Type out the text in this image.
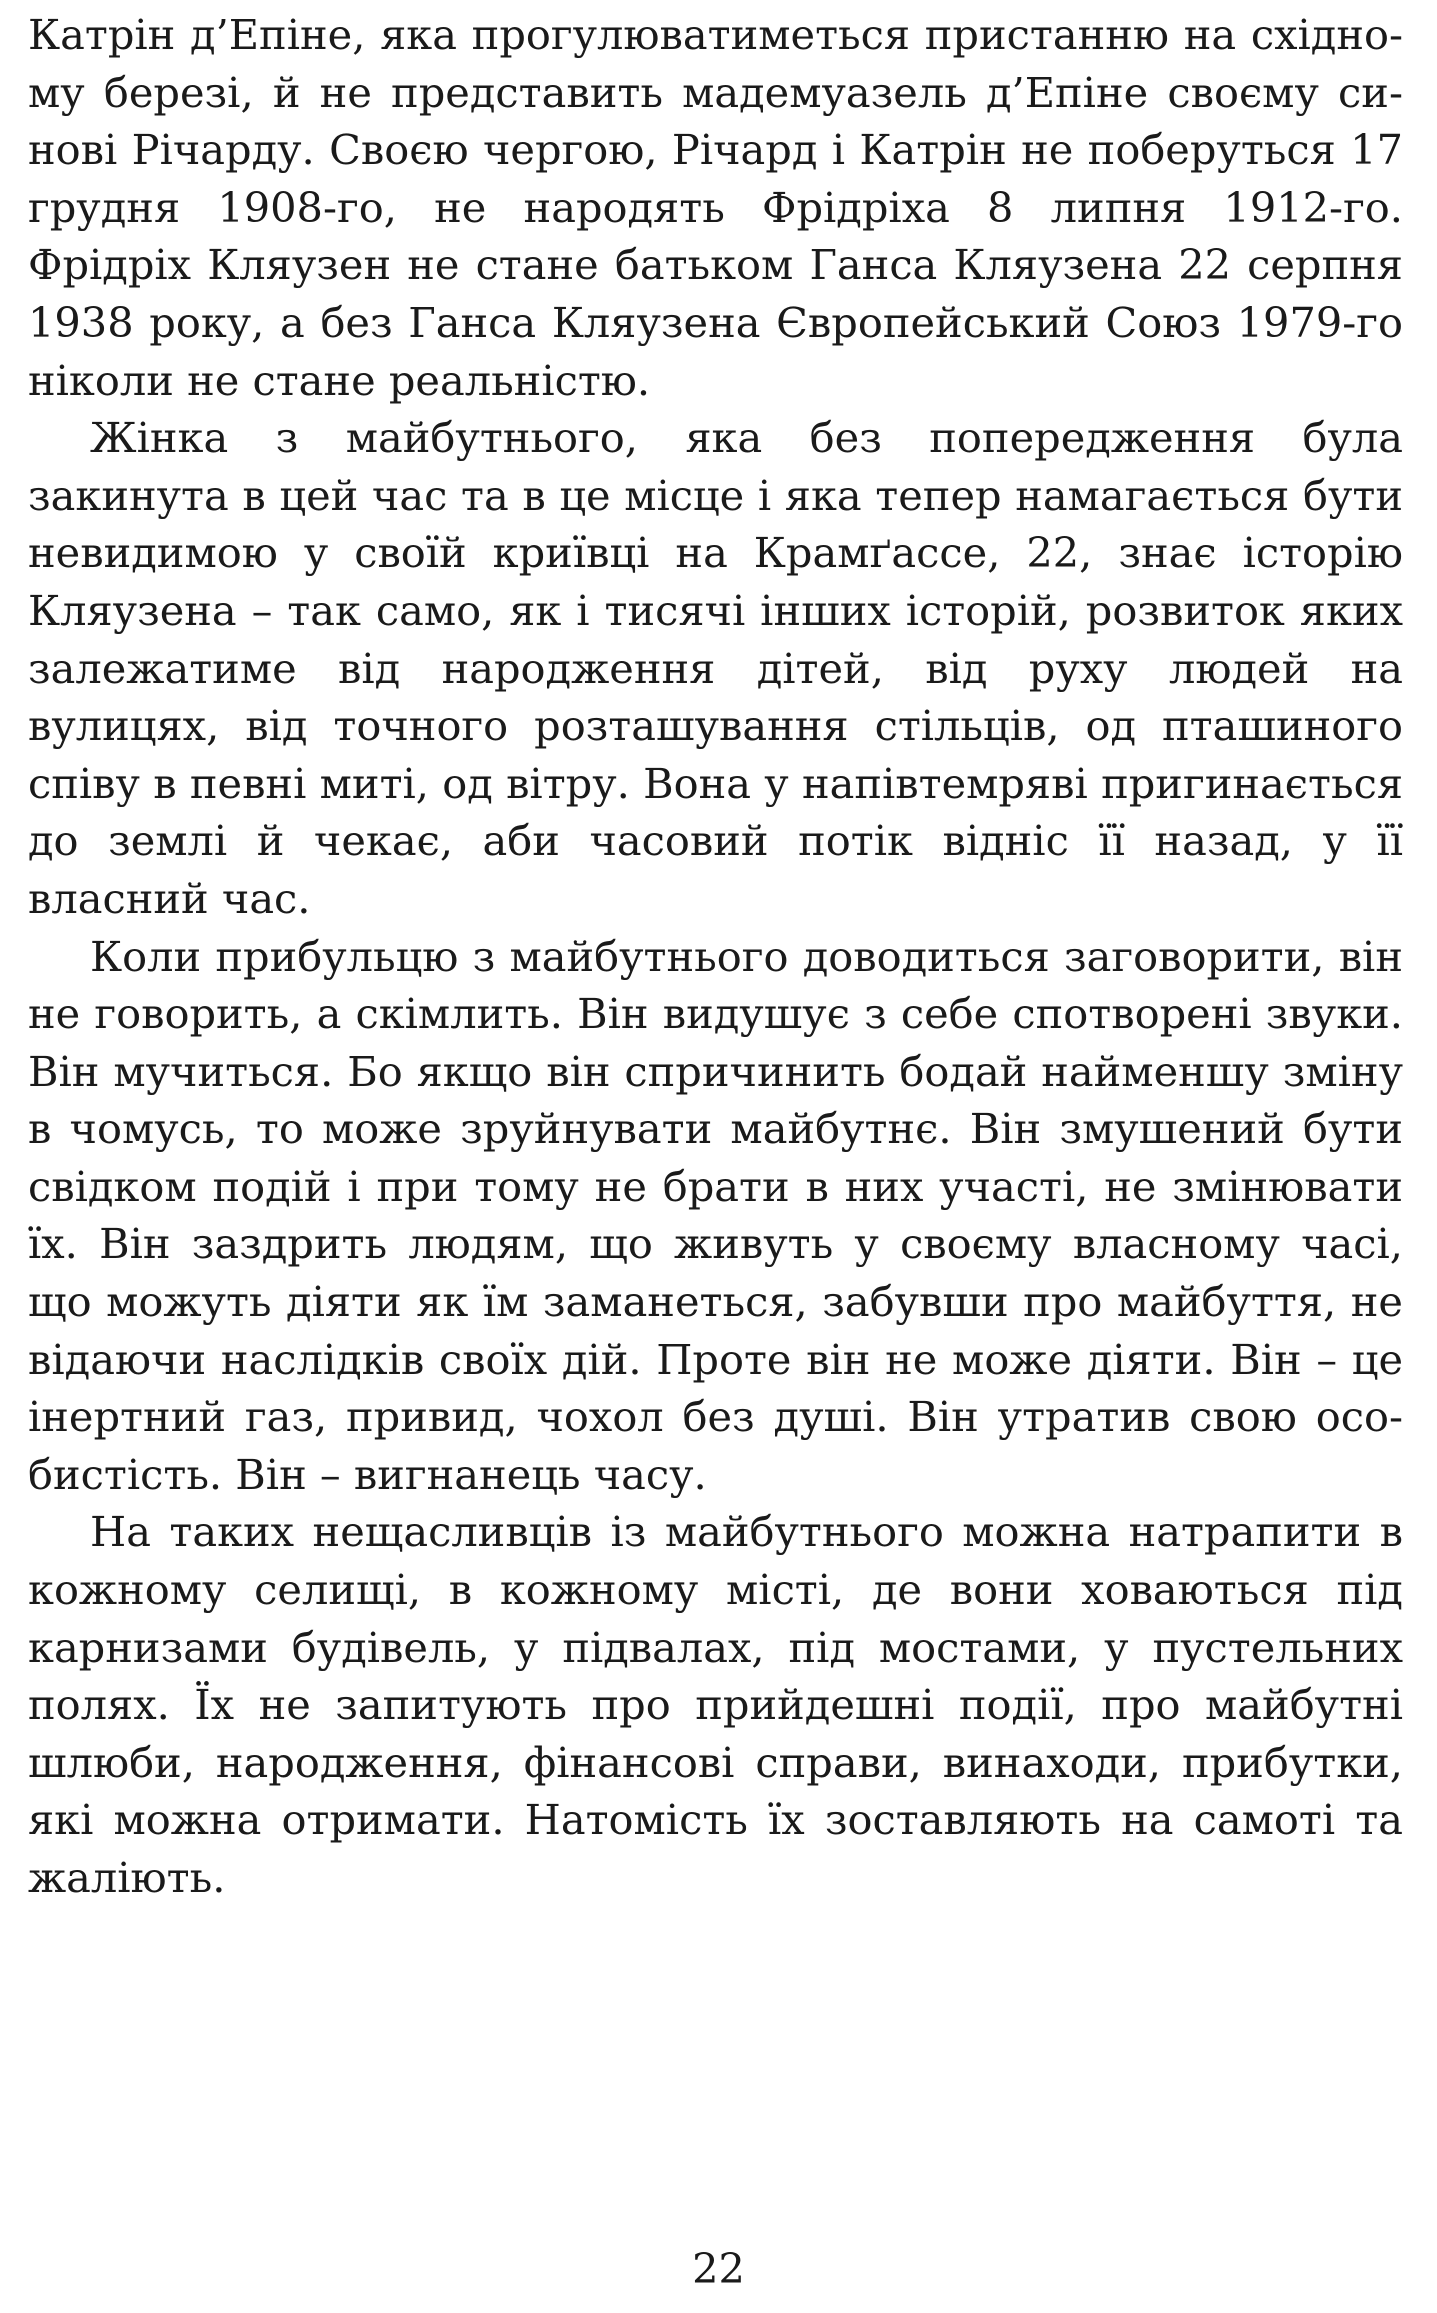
Катрін д’Епіне, яка прогулюватиметься пристанню на східному березі, й не представить мадемуазель д’Епіне своєму синові Річарду. Своєю чергою, Річард і Катрін не поберуться 17 грудня 1908-го, не народять Фрідріха 8 липня 1912-го. Фрідріх Кляузен не стане батьком Ганса Кляузена 22 серпня 1938 року, а без Ганса Кляузена Європейський Союз 1979-го ніколи не стане реальністю.

Жінка з майбутнього, яка без попередження була закинута в цей час та в це місце і яка тепер намагається бути невидимою у своїй криївці на Крамґассе, 22, знає історію Кляузена – так само, як і тисячі інших історій, розвиток яких залежатиме від народження дітей, від руху людей на вулицях, від точного розташування стільців, од пташиного співу в певні миті, од вітру. Вона у напівтемряві пригинається до землі й чекає, аби часовий потік відніс її назад, у її власний час.

Коли прибульцю з майбутнього доводиться заговорити, він не говорить, а скімлить. Він видушує з себе спотворені звуки. Він мучиться. Бо якщо він спричинить бодай найменшу зміну в чомусь, то може зруйнувати майбутнє. Він змушений бути свідком подій і при тому не брати в них участі, не змінювати їх. Він заздрить людям, що живуть у своєму власному часі, що можуть діяти як їм заманеться, забувши про майбуття, не відаючи наслідків своїх дій. Проте він не може діяти. Він – це інертний газ, привид, чохол без душі. Він утратив свою особистість. Він – вигнанець часу.

На таких нещасливців із майбутнього можна натрапити в кожному селищі, в кожному місті, де вони ховаються під карнизами будівель, у підвалах, під мостами, у пустельних полях. Їх не запитують про прийдешні події, про майбутні шлюби, народження, фінансові справи, винаходи, прибутки, які можна отримати. Натомість їх зоставляють на самоті та жаліють.

22
